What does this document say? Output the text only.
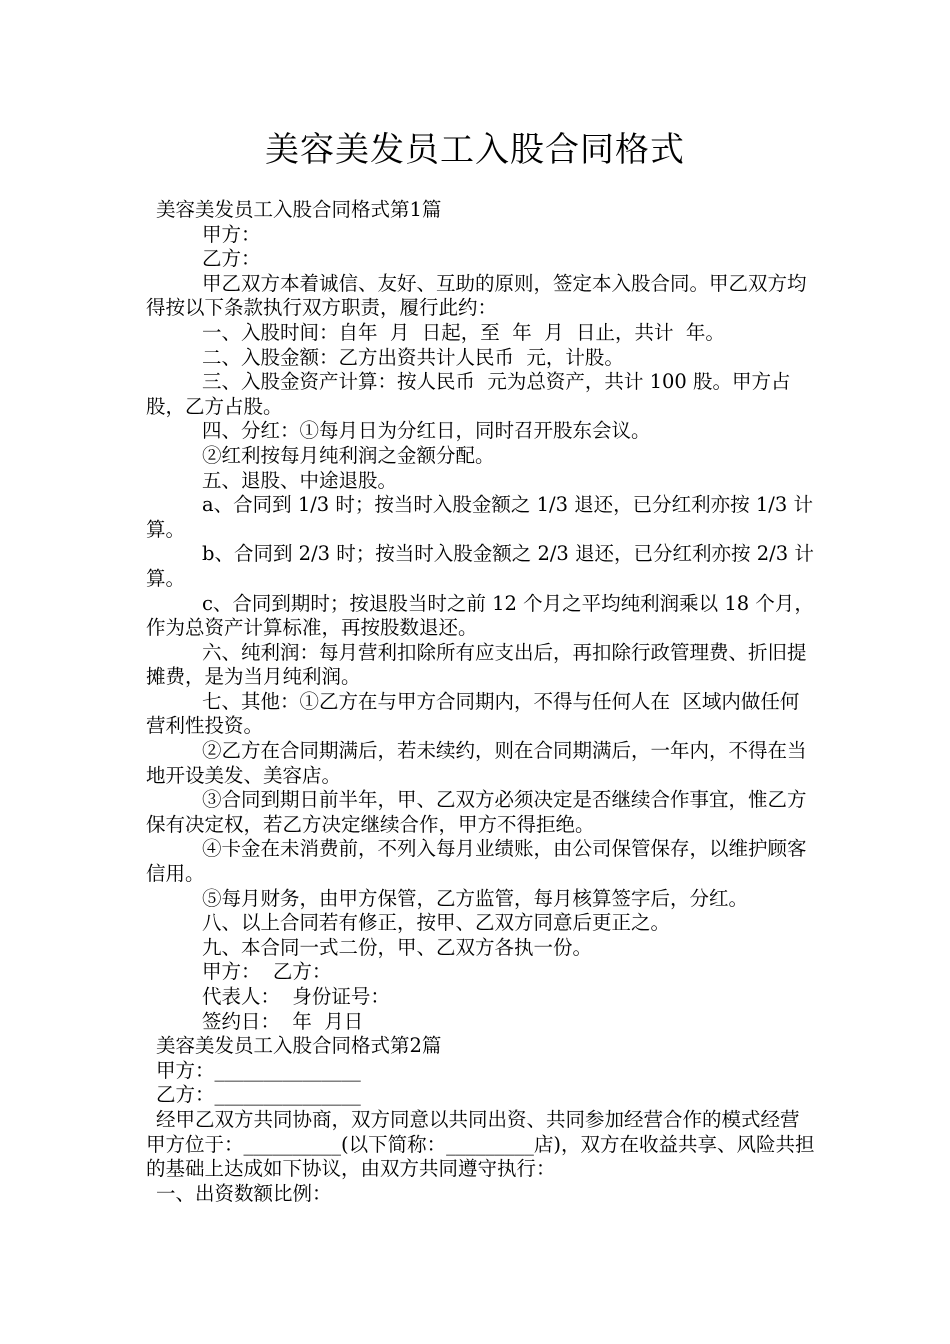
美容美发员工入股合同格式

美容美发员工入股合同格式第1篇

甲方：

乙方：

甲乙双方本着诚信、友好、互助的原则，签定本入股合同。甲乙双方均得按以下条款执行双方职责，履行此约：

一、入股时间：自年  月  日起，至  年  月  日止，共计  年。

二、入股金额：乙方出资共计人民币  元，计股。

三、入股金资产计算：按人民币  元为总资产，共计 100 股。甲方占股，乙方占股。

四、分红：①每月日为分红日，同时召开股东会议。

②红利按每月纯利润之金额分配。

五、退股、中途退股。

a、合同到 1/3 时；按当时入股金额之 1/3 退还，已分红利亦按 1/3 计算。

b、合同到 2/3 时；按当时入股金额之 2/3 退还，已分红利亦按 2/3 计算。

c、合同到期时；按退股当时之前 12 个月之平均纯利润乘以 18 个月，作为总资产计算标准，再按股数退还。

六、纯利润：每月营利扣除所有应支出后，再扣除行政管理费、折旧提摊费，是为当月纯利润。

七、其他：①乙方在与甲方合同期内，不得与任何人在  区域内做任何营利性投资。

②乙方在合同期满后，若未续约，则在合同期满后，一年内，不得在当地开设美发、美容店。

③合同到期日前半年，甲、乙双方必须决定是否继续合作事宜，惟乙方保有决定权，若乙方决定继续合作，甲方不得拒绝。

④卡金在未消费前，不列入每月业绩账，由公司保管保存，以维护顾客信用。

⑤每月财务，由甲方保管，乙方监管，每月核算签字后，分红。

八、以上合同若有修正，按甲、乙双方同意后更正之。

九、本合同一式二份，甲、乙双方各执一份。

甲方：  乙方：

代表人：  身份证号：

签约日：  年  月日

美容美发员工入股合同格式第2篇

甲方：_______________

乙方：_______________

经甲乙双方共同协商，双方同意以共同出资、共同参加经营合作的模式经营甲方位于：__________(以下简称：_________店)，双方在收益共享、风险共担的基础上达成如下协议，由双方共同遵守执行：

一、出资数额比例：
